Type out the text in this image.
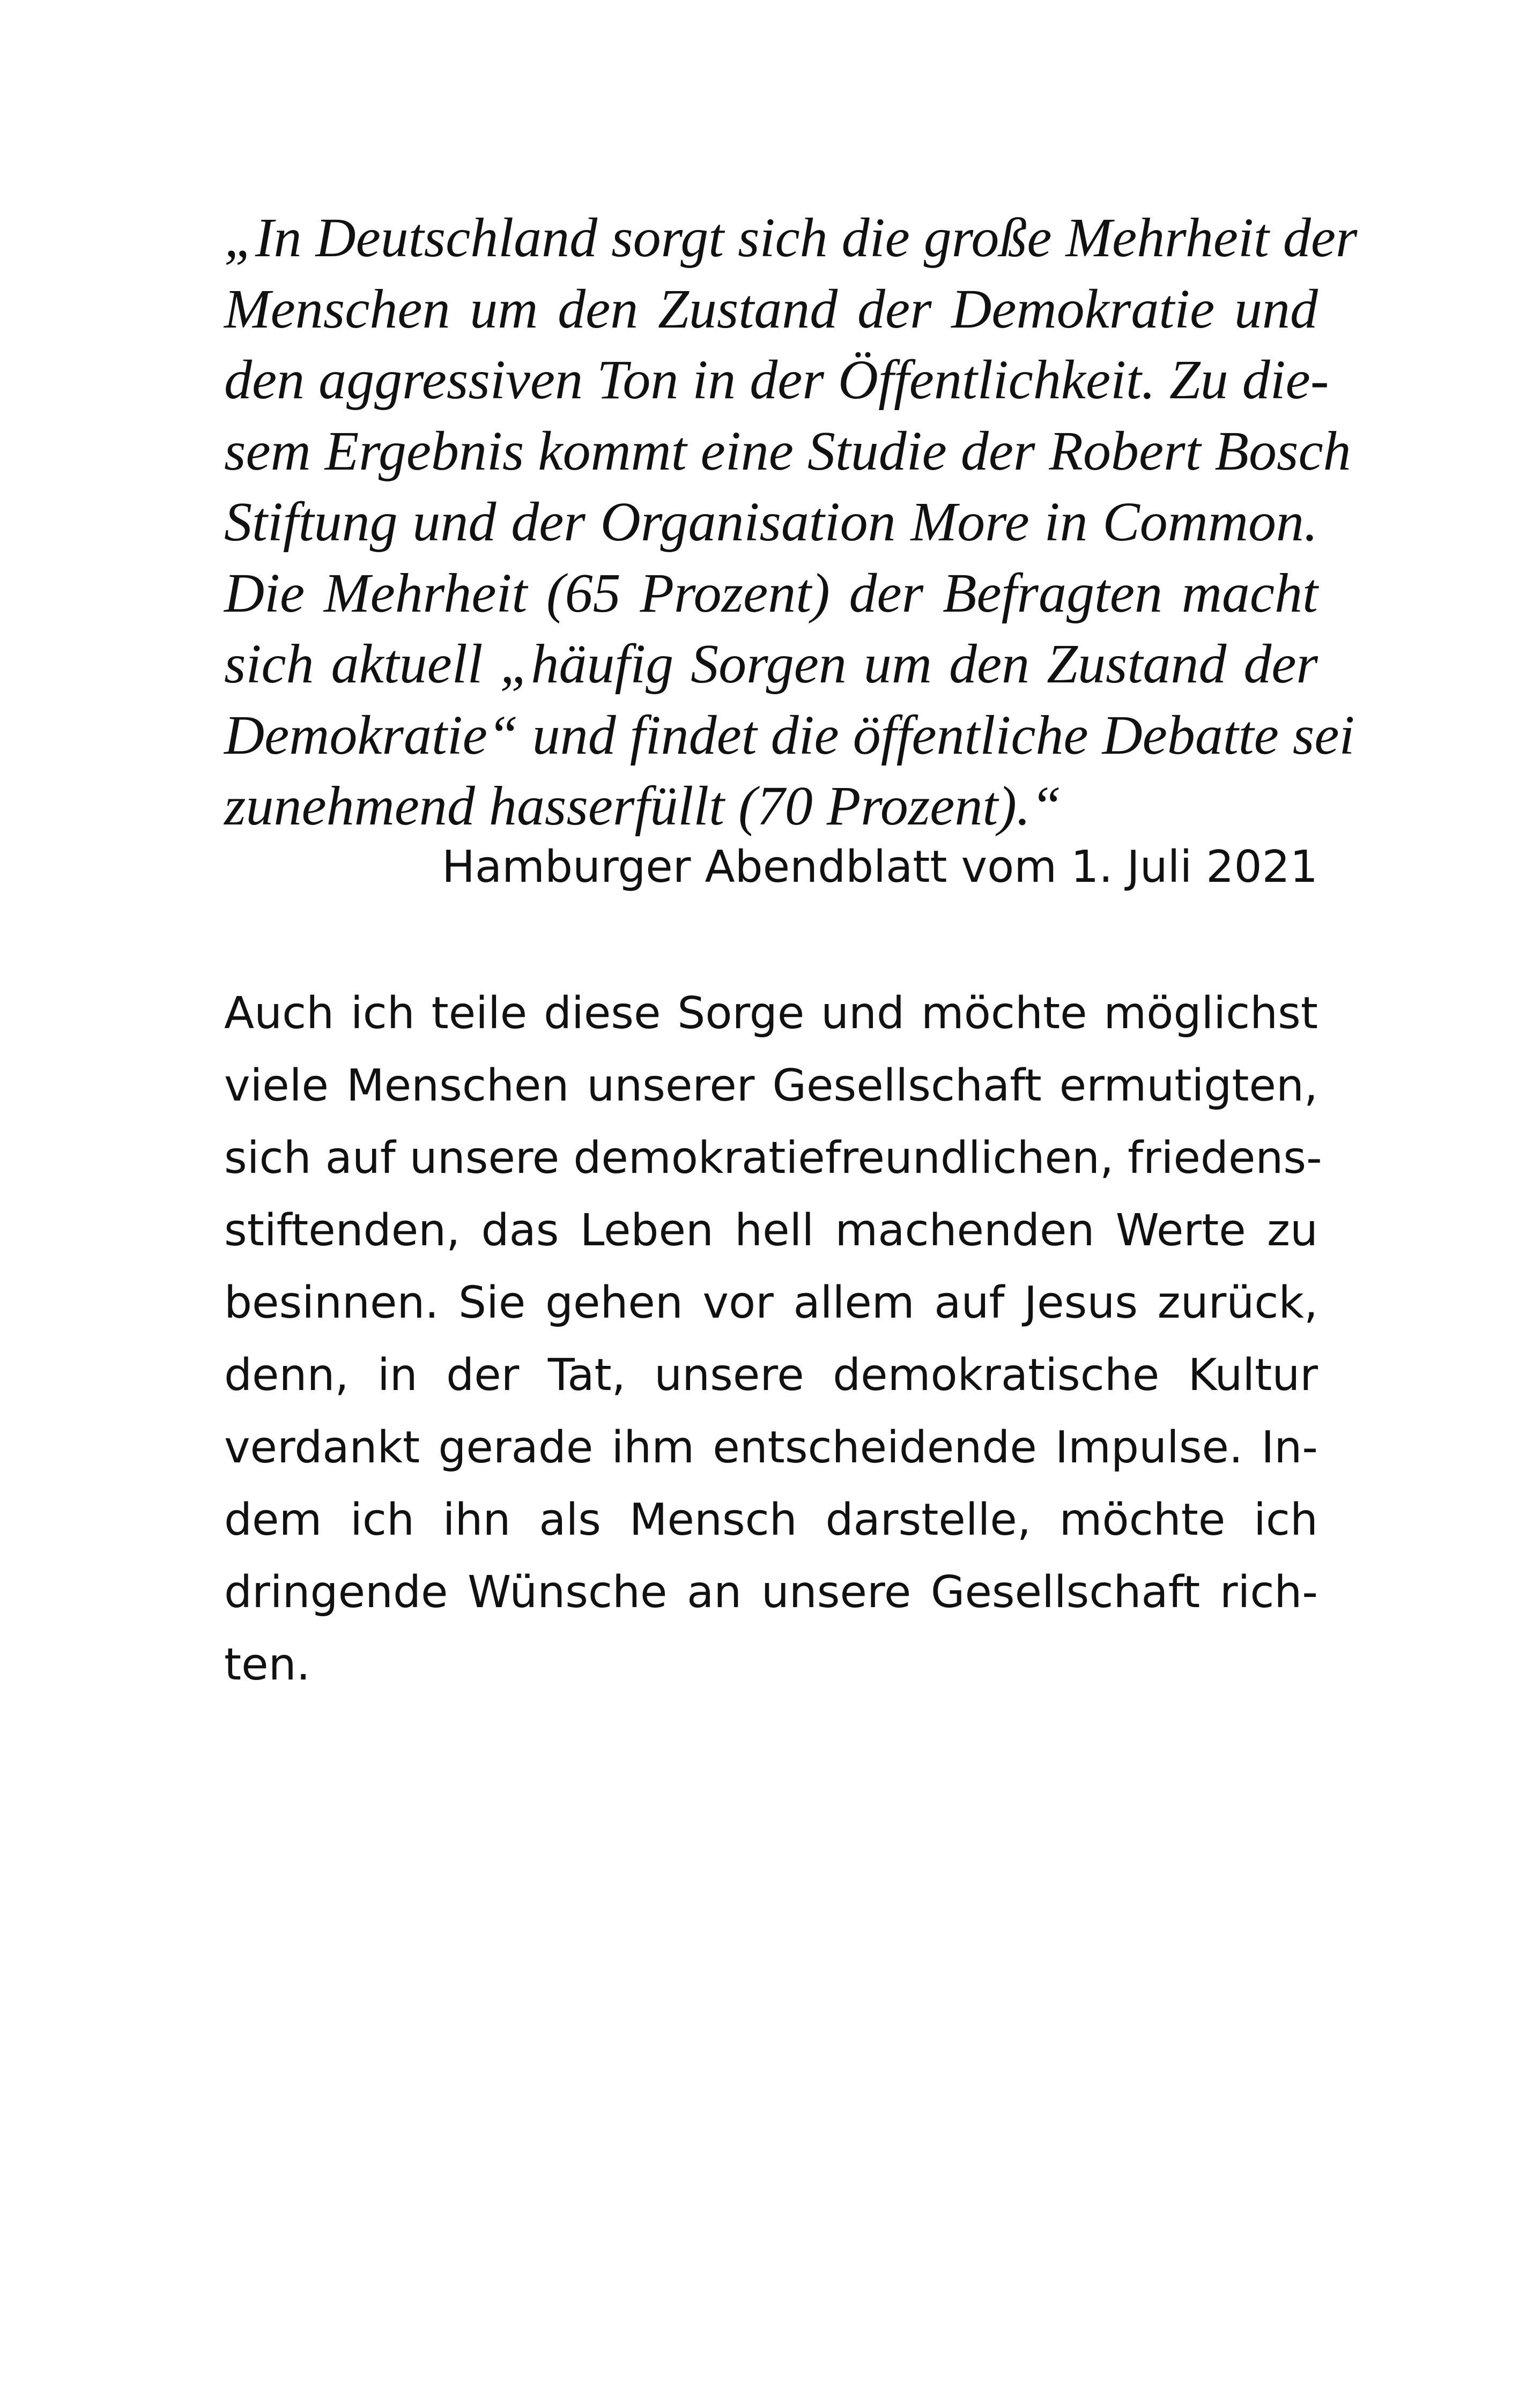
„In Deutschland sorgt sich die große Mehrheit der
Menschen um den Zustand der Demokratie und
den aggressiven Ton in der Öffentlichkeit. Zu die-
sem Ergebnis kommt eine Studie der Robert Bosch
Stiftung und der Organisation More in Common.
Die Mehrheit (65 Prozent) der Befragten macht
sich aktuell „häufig Sorgen um den Zustand der
Demokratie“ und findet die öffentliche Debatte sei
zunehmend hasserfüllt (70 Prozent).“
Hamburger Abendblatt vom 1. Juli 2021
Auch ich teile diese Sorge und möchte möglichst
viele Menschen unserer Gesellschaft ermutigten,
sich auf unsere demokratiefreundlichen, friedens-
stiftenden, das Leben hell machenden Werte zu
besinnen. Sie gehen vor allem auf Jesus zurück,
denn, in der Tat, unsere demokratische Kultur
verdankt gerade ihm entscheidende Impulse. In-
dem ich ihn als Mensch darstelle, möchte ich
dringende Wünsche an unsere Gesellschaft rich-
ten.
